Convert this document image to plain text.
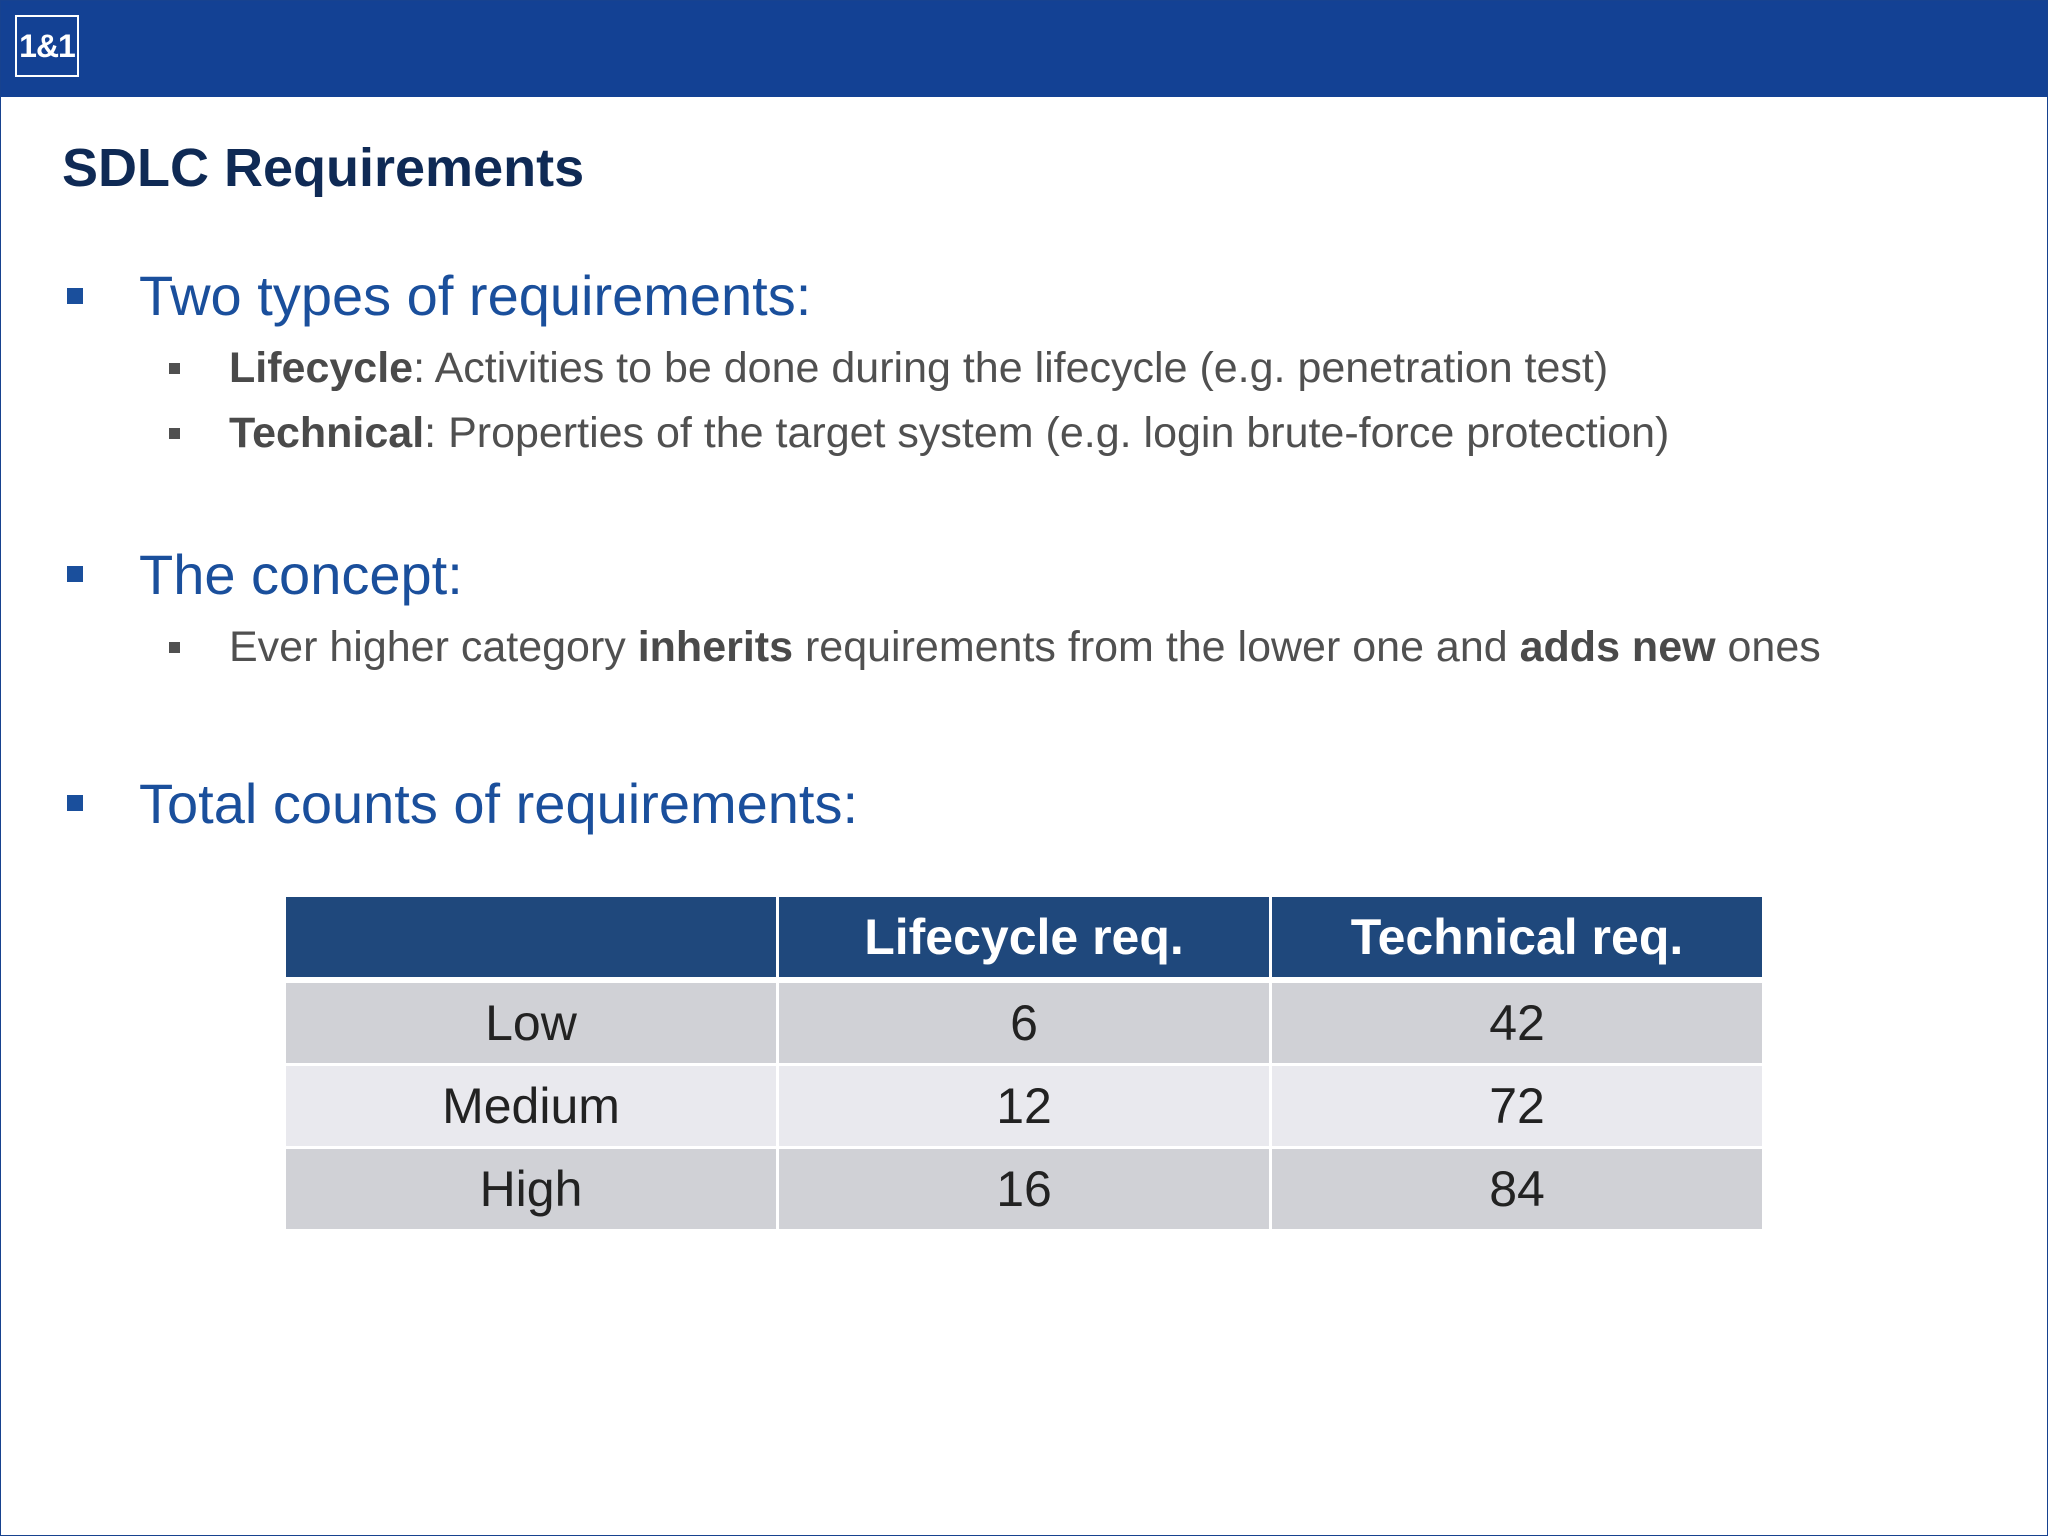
1&1
SDLC Requirements
Two types of requirements:
Lifecycle: Activities to be done during the lifecycle (e.g. penetration test)
Technical: Properties of the target system (e.g. login brute-force protection)
The concept:
Ever higher category inherits requirements from the lower one and adds new ones
Total counts of requirements:
	Lifecycle req.	Technical req.
Low	6	42
Medium	12	72
High	16	84
